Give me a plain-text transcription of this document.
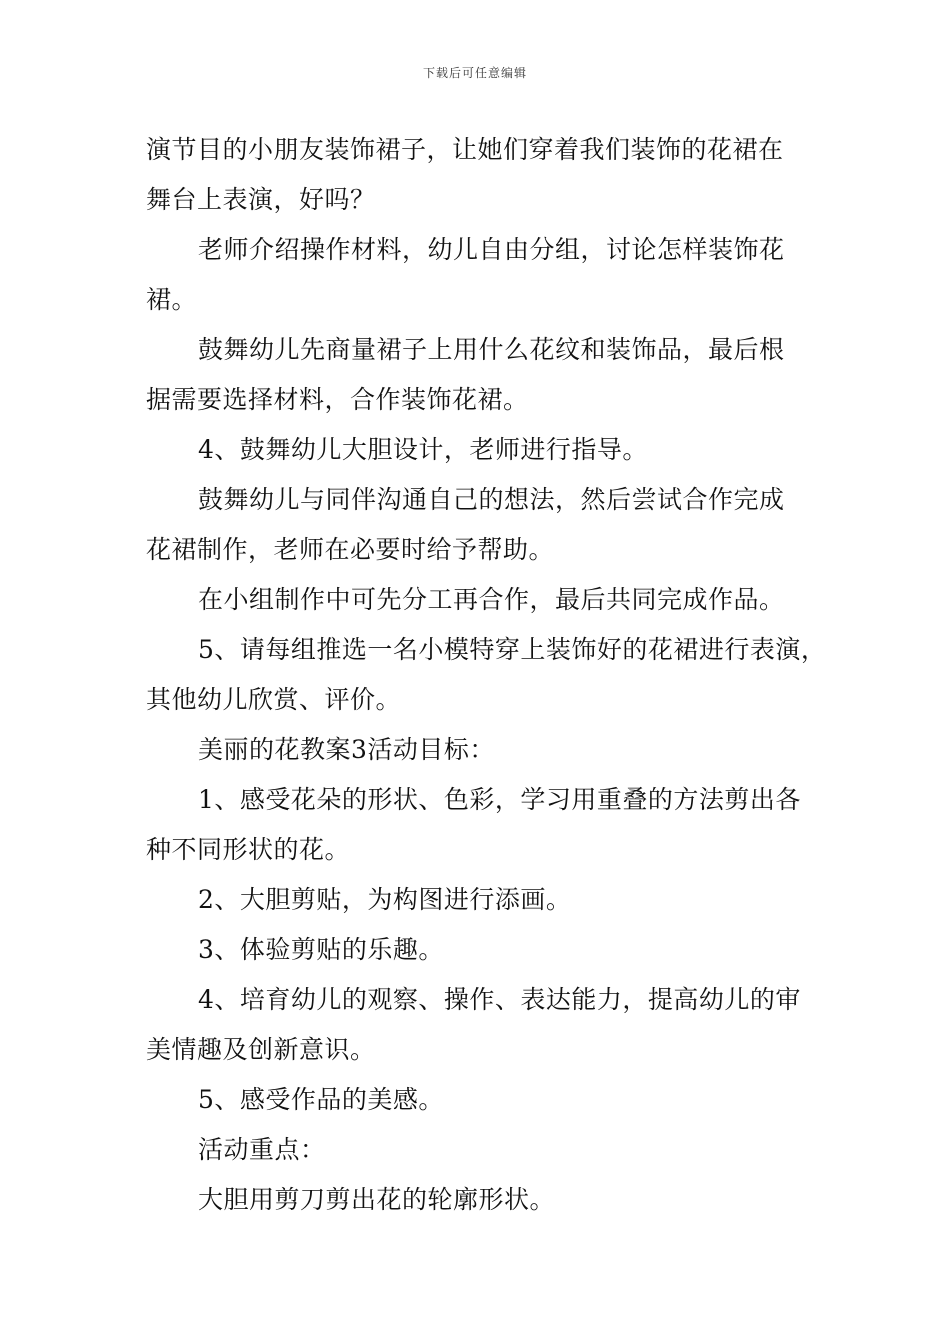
下载后可任意编辑
演节目的小朋友装饰裙子，让她们穿着我们装饰的花裙在
舞台上表演，好吗？
老师介绍操作材料，幼儿自由分组，讨论怎样装饰花
裙。
鼓舞幼儿先商量裙子上用什么花纹和装饰品，最后根
据需要选择材料，合作装饰花裙。
4、鼓舞幼儿大胆设计，老师进行指导。
鼓舞幼儿与同伴沟通自己的想法，然后尝试合作完成
花裙制作，老师在必要时给予帮助。
在小组制作中可先分工再合作，最后共同完成作品。
5、请每组推选一名小模特穿上装饰好的花裙进行表演，
其他幼儿欣赏、评价。
美丽的花教案3活动目标：
1、感受花朵的形状、色彩，学习用重叠的方法剪出各
种不同形状的花。
2、大胆剪贴，为构图进行添画。
3、体验剪贴的乐趣。
4、培育幼儿的观察、操作、表达能力，提高幼儿的审
美情趣及创新意识。
5、感受作品的美感。
活动重点：
大胆用剪刀剪出花的轮廓形状。
